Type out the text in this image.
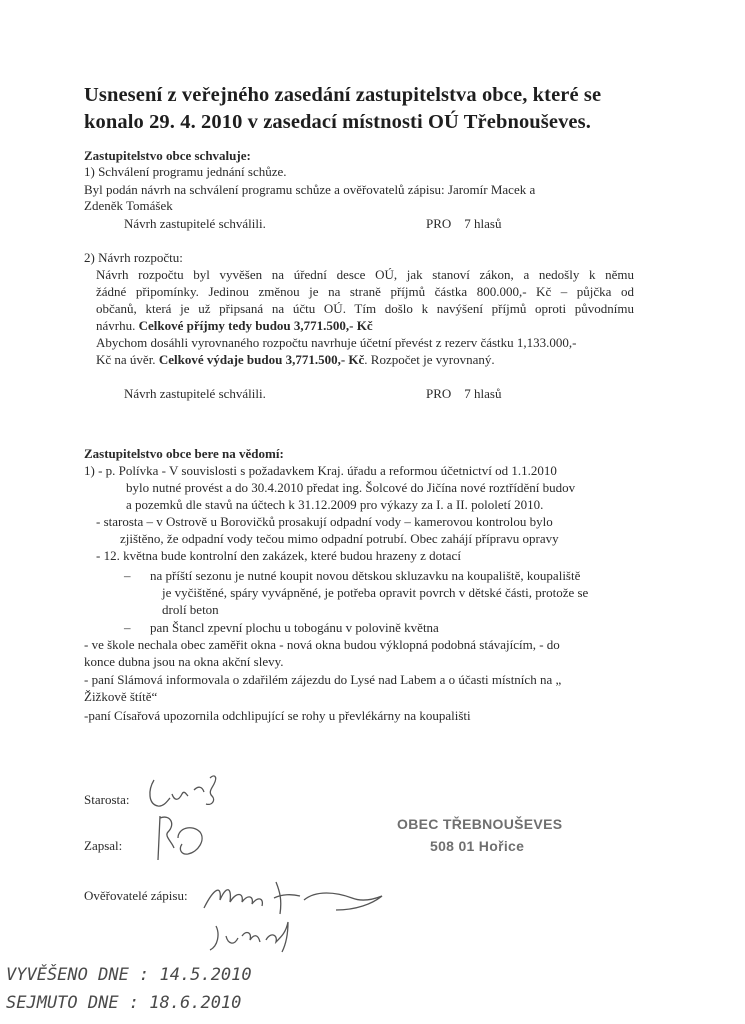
Usnesení z veřejného zasedání zastupitelstva obce, které se
konalo 29. 4. 2010 v zasedací místnosti OÚ Třebnouševes.
Zastupitelstvo obce schvaluje:
1) Schválení programu jednání schůze.
Byl podán návrh na schválení programu schůze a ověřovatelů zápisu: Jaromír Macek a
Zdeněk Tomášek
Návrh zastupitelé schválili.	PRO    7 hlasů
2) Návrh rozpočtu:
Návrh rozpočtu byl vyvěšen na úřední desce OÚ, jak stanoví zákon, a nedošly k němu
žádné připomínky. Jedinou změnou je na straně příjmů částka 800.000,- Kč – půjčka od
občanů, která je už připsaná na účtu OÚ. Tím došlo k navýšení příjmů oproti původnímu
návrhu. Celkové příjmy tedy budou 3,771.500,- Kč
Abychom dosáhli vyrovnaného rozpočtu navrhuje účetní převést z rezerv částku 1,133.000,-
Kč na úvěr. Celkové výdaje budou 3,771.500,- Kč. Rozpočet je vyrovnaný.
Návrh zastupitelé schválili.	PRO    7 hlasů
Zastupitelstvo obce bere na vědomí:
1) - p. Polívka - V souvislosti s požadavkem Kraj. úřadu a reformou účetnictví od 1.1.2010
bylo nutné provést a do 30.4.2010 předat ing. Šolcové do Jičína nové roztřídění budov
a pozemků dle stavů na účtech k 31.12.2009 pro výkazy za I. a II. pololetí 2010.
- starosta – v Ostrově u Borovičků prosakují odpadní vody – kamerovou kontrolou bylo
zjištěno, že odpadní vody tečou mimo odpadní potrubí. Obec zahájí přípravu opravy
- 12. května bude kontrolní den zakázek, které budou hrazeny z dotací
– na příští sezonu je nutné koupit novou dětskou skluzavku na koupaliště, koupaliště
je vyčištěné, spáry vyvápněné, je potřeba opravit povrch v dětské části, protože se
drolí beton
– pan Štancl zpevní plochu u tobogánu v polovině května
- ve škole nechala obec zaměřit okna - nová okna budou výklopná podobná stávajícím, - do
konce dubna jsou na okna akční slevy.
- paní Slámová informovala o zdařilém zájezdu do Lysé nad Labem a o účasti místních na „
Žižkově štítě“
-paní Císařová upozornila odchlipující se rohy u převlékárny na koupališti
Starosta:
Zapsal:
Ověřovatelé zápisu:
OBEC TŘEBNOUŠEVES
508 01 Hořice
VYVĚŠENO DNE : 14.5.2010
SEJMUTO DNE : 18.6.2010
